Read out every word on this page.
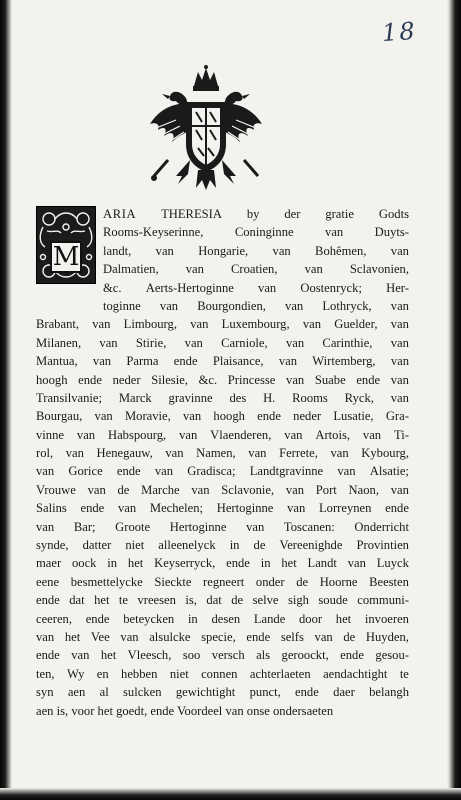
18
M
ARIA THERESIA by der gratie Godts
Rooms-Keyserinne, Coninginne van Duyts-
landt, van Hongarie, van Bohêmen, van
Dalmatien, van Croatien, van Sclavonien,
&c. Aerts-Hertoginne van Oostenryck; Her-
toginne van Bourgondien, van Lothryck, van
Brabant, van Limbourg, van Luxembourg, van Guelder, van
Milanen, van Stirie, van Carniole, van Carinthie, van
Mantua, van Parma ende Plaisance, van Wirtemberg, van
hoogh ende neder Silesie, &c. Princesse van Suabe ende van
Transilvanie; Marck gravinne des H. Rooms Ryck, van
Bourgau, van Moravie, van hoogh ende neder Lusatie, Gra-
vinne van Habspourg, van Vlaenderen, van Artois, van Ti-
rol, van Henegauw, van Namen, van Ferrete, van Kybourg,
van Gorice ende van Gradisca; Landtgravinne van Alsatie;
Vrouwe van de Marche van Sclavonie, van Port Naon, van
Salins ende van Mechelen; Hertoginne van Lorreynen ende
van Bar; Groote Hertoginne van Toscanen: Onderricht
synde, datter niet alleenelyck in de Vereenighde Provintien
maer oock in het Keyserryck, ende in het Landt van Luyck
eene besmettelycke Sieckte regneert onder de Hoorne Beesten
ende dat het te vreesen is, dat de selve sigh soude communi-
ceeren, ende beteycken in desen Lande door het invoeren
van het Vee van alsulcke specie, ende selfs van de Huyden,
ende van het Vleesch, soo versch als geroockt, ende gesou-
ten, Wy en hebben niet connen achterlaeten aendachtight te
syn aen al sulcken gewichtight punct, ende daer belangh
aen is, voor het goedt, ende Voordeel van onse ondersaeten
